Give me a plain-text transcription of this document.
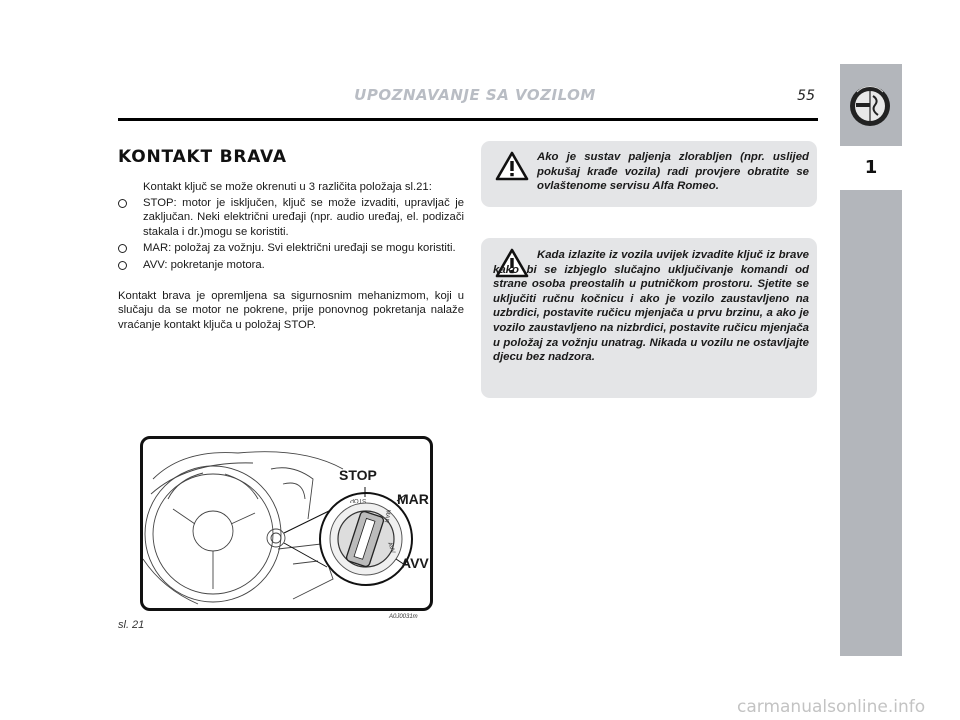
UPOZNAVANJE SA VOZILOM	55
1
KONTAKT BRAVA
Kontakt ključ se može okrenuti u 3 različita položaja sl.21:
STOP: motor je isključen, ključ se može izvaditi, upravljač je zaključan. Neki električni uređaji (npr. audio uređaj, el. podizači stakala i dr.)mogu se koristiti.
MAR: položaj za vožnju. Svi električni uređaji se mogu koristiti.
AVV: pokretanje motora.
Kontakt brava je opremljena sa sigurnosnim mehanizmom, koji u slučaju da se motor ne pokrene, prije ponovnog pokretanja nalaže vraćanje kontakt ključa u položaj STOP.
Ako je sustav paljenja zlorabljen (npr. uslijed pokušaj krađe vozila) radi provjere obratite se ovlaštenome servisu Alfa Romeo.
Kada izlazite iz vozila uvijek izvadite ključ iz brave kako bi se izbjeglo slučajno uključivanje komandi od strane osoba preostalih u putničkom prostoru. Sjetite se uključiti ručnu kočnicu i ako je vozilo zaustavljeno na uzbrdici, postavite ručicu mjenjača u prvu brzinu, a ako je vozilo zaustavljeno na nizbrdici, postavite ručicu mjenjača u položaj za vožnju unatrag. Nikada u vozilu ne ostavljajte djecu bez nadzora.
STOP
MAR
AVV
STOP
MAR
AVV
A0J0031m
sl. 21
carmanualsonline.info
